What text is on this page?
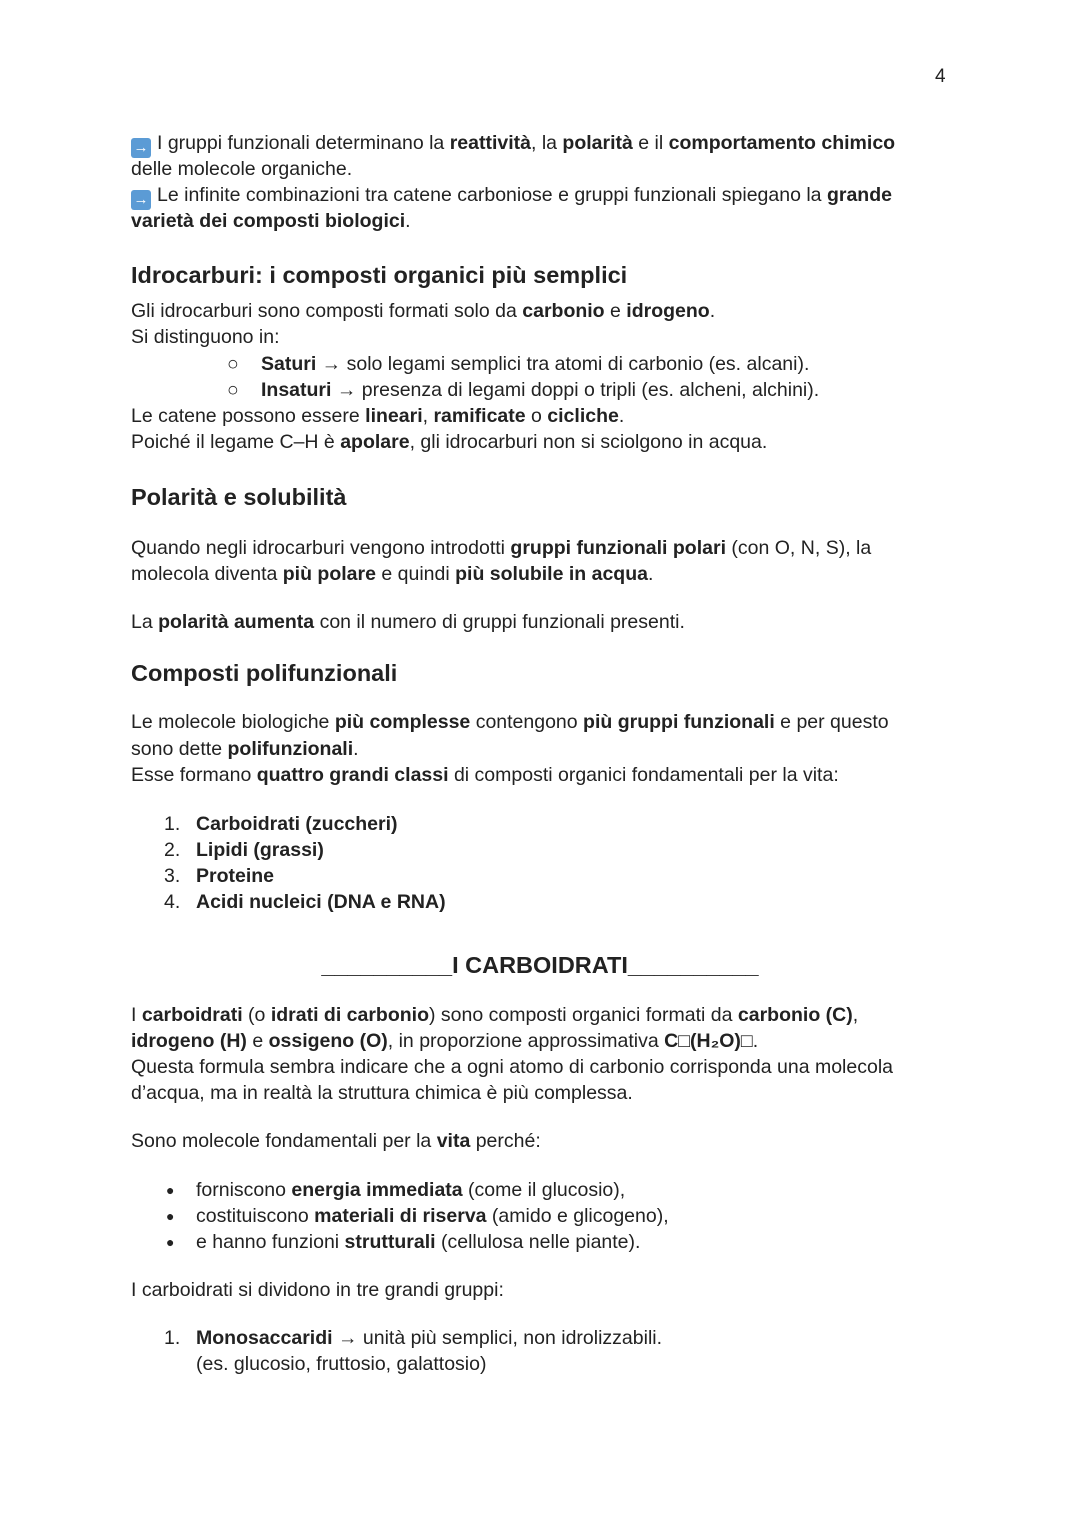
4
→ I gruppi funzionali determinano la reattività, la polarità e il comportamento chimico
delle molecole organiche.
→ Le infinite combinazioni tra catene carboniose e gruppi funzionali spiegano la grande
varietà dei composti biologici.
Idrocarburi: i composti organici più semplici
Gli idrocarburi sono composti formati solo da carbonio e idrogeno.
Si distinguono in:
○ Saturi → solo legami semplici tra atomi di carbonio (es. alcani).
○ Insaturi → presenza di legami doppi o tripli (es. alcheni, alchini).
Le catene possono essere lineari, ramificate o cicliche.
Poiché il legame C–H è apolare, gli idrocarburi non si sciolgono in acqua.
Polarità e solubilità
Quando negli idrocarburi vengono introdotti gruppi funzionali polari (con O, N, S), la
molecola diventa più polare e quindi più solubile in acqua.
La polarità aumenta con il numero di gruppi funzionali presenti.
Composti polifunzionali
Le molecole biologiche più complesse contengono più gruppi funzionali e per questo
sono dette polifunzionali.
Esse formano quattro grandi classi di composti organici fondamentali per la vita:
1. Carboidrati (zuccheri)
2. Lipidi (grassi)
3. Proteine
4. Acidi nucleici (DNA e RNA)
__________I CARBOIDRATI__________
I carboidrati (o idrati di carbonio) sono composti organici formati da carbonio (C),
idrogeno (H) e ossigeno (O), in proporzione approssimativa C□(H₂O)□.
Questa formula sembra indicare che a ogni atomo di carbonio corrisponda una molecola
d’acqua, ma in realtà la struttura chimica è più complessa.
Sono molecole fondamentali per la vita perché:
● forniscono energia immediata (come il glucosio),
● costituiscono materiali di riserva (amido e glicogeno),
● e hanno funzioni strutturali (cellulosa nelle piante).
I carboidrati si dividono in tre grandi gruppi:
1. Monosaccaridi → unità più semplici, non idrolizzabili.
(es. glucosio, fruttosio, galattosio)
